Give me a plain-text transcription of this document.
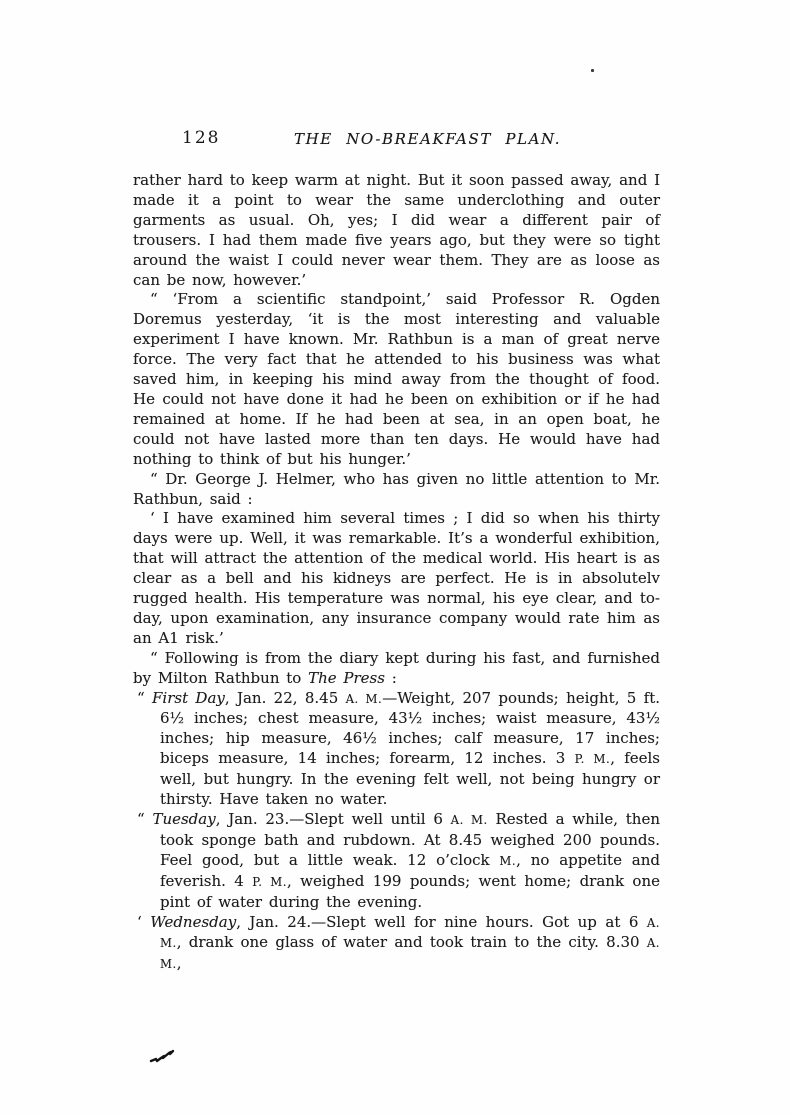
128	THE NO-BREAKFAST PLAN.

rather hard to keep warm at night. But it soon passed away, and I made it a point to wear the same underclothing and outer garments as usual. Oh, yes; I did wear a different pair of trousers. I had them made five years ago, but they were so tight around the waist I could never wear them. They are as loose as can be now, however.’

“ ‘From a scientific standpoint,’ said Professor R. Ogden Doremus yesterday, ‘it is the most interesting and valuable experiment I have known. Mr. Rathbun is a man of great nerve force. The very fact that he attended to his business was what saved him, in keeping his mind away from the thought of food. He could not have done it had he been on exhibition or if he had remained at home. If he had been at sea, in an open boat, he could not have lasted more than ten days. He would have had nothing to think of but his hunger.’

“ Dr. George J. Helmer, who has given no little attention to Mr. Rathbun, said :

‘ I have examined him several times ; I did so when his thirty days were up. Well, it was remarkable. It’s a wonderful exhibition, that will attract the attention of the medical world. His heart is as clear as a bell and his kidneys are perfect. He is in absolutelv rugged health. His temperature was normal, his eye clear, and to-day, upon examination, any insurance company would rate him as an A1 risk.’

“ Following is from the diary kept during his fast, and furnished by Milton Rathbun to The Press :

“ First Day, Jan. 22, 8.45 A. M.—Weight, 207 pounds; height, 5 ft. 6½ inches; chest measure, 43½ inches; waist measure, 43½ inches; hip measure, 46½ inches; calf measure, 17 inches; biceps measure, 14 inches; forearm, 12 inches. 3 P. M., feels well, but hungry. In the evening felt well, not being hungry or thirsty. Have taken no water.

“ Tuesday, Jan. 23.—Slept well until 6 A. M. Rested a while, then took sponge bath and rubdown. At 8.45 weighed 200 pounds. Feel good, but a little weak. 12 o’clock M., no appetite and feverish. 4 P. M., weighed 199 pounds; went home; drank one pint of water during the evening.

‘ Wednesday, Jan. 24.—Slept well for nine hours. Got up at 6 A. M., drank one glass of water and took train to the city. 8.30 A. M.,
